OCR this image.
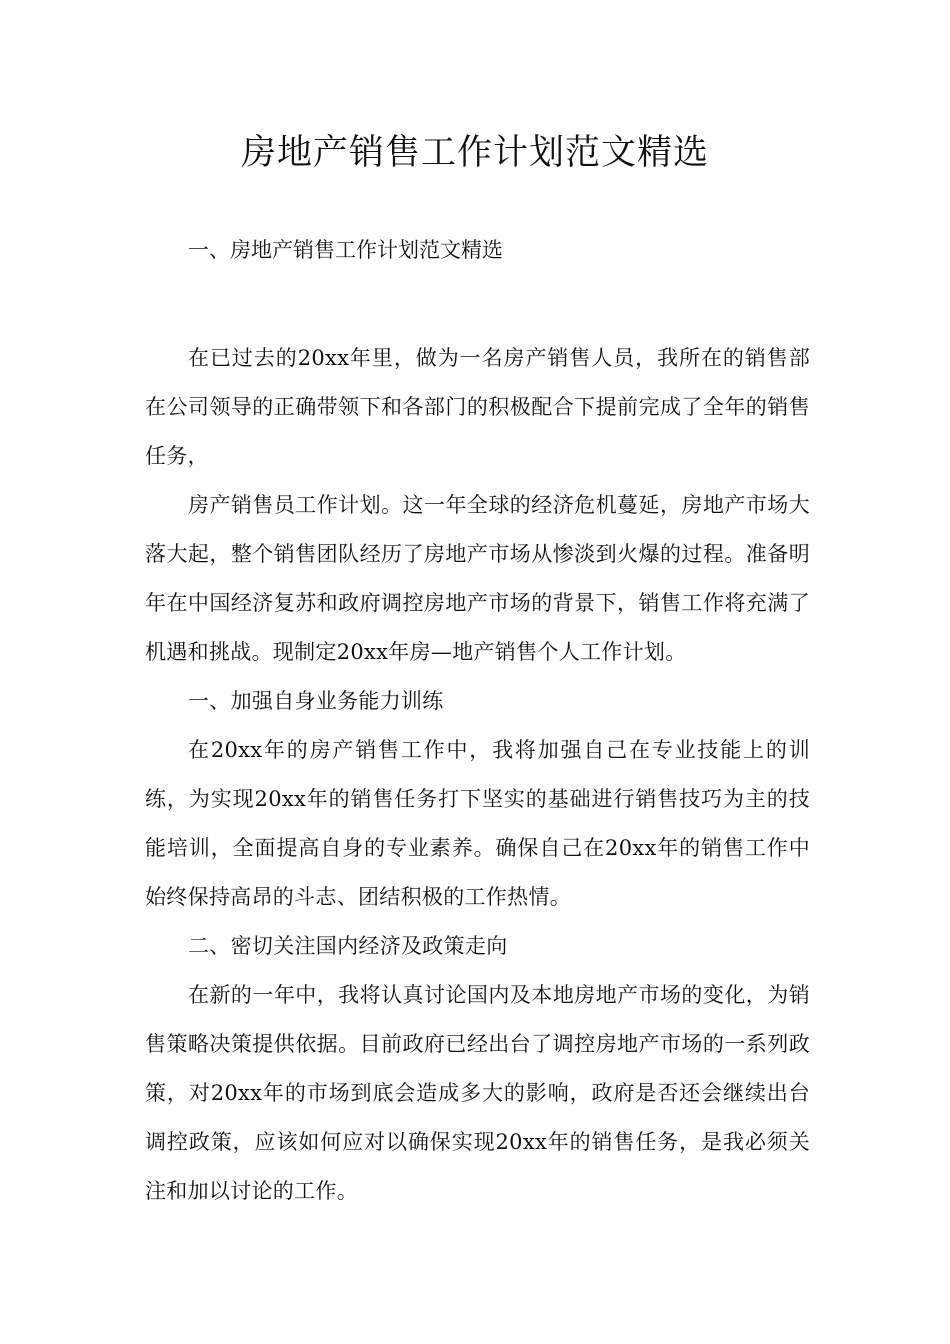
房地产销售工作计划范文精选

一、房地产销售工作计划范文精选

在已过去的20xx年里，做为一名房产销售人员，我所在的销售部在公司领导的正确带领下和各部门的积极配合下提前完成了全年的销售任务，

房产销售员工作计划。这一年全球的经济危机蔓延，房地产市场大落大起，整个销售团队经历了房地产市场从惨淡到火爆的过程。准备明年在中国经济复苏和政府调控房地产市场的背景下，销售工作将充满了机遇和挑战。现制定20xx年房—地产销售个人工作计划。

一、加强自身业务能力训练

在20xx年的房产销售工作中，我将加强自己在专业技能上的训练，为实现20xx年的销售任务打下坚实的基础进行销售技巧为主的技能培训，全面提高自身的专业素养。确保自己在20xx年的销售工作中始终保持高昂的斗志、团结积极的工作热情。

二、密切关注国内经济及政策走向

在新的一年中，我将认真讨论国内及本地房地产市场的变化，为销售策略决策提供依据。目前政府已经出台了调控房地产市场的一系列政策，对20xx年的市场到底会造成多大的影响，政府是否还会继续出台调控政策，应该如何应对以确保实现20xx年的销售任务，是我必须关注和加以讨论的工作。
